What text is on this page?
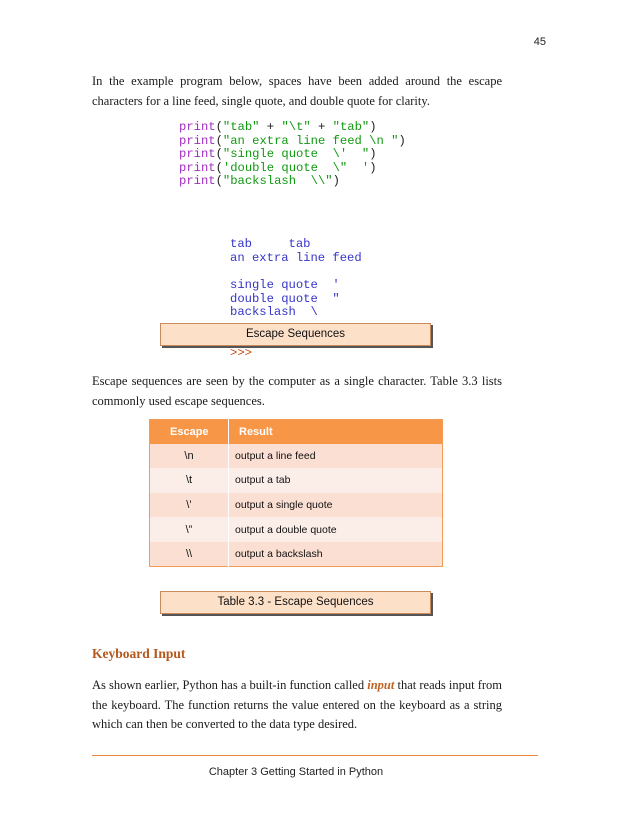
45

In the example program below, spaces have been added around the escape characters for a line feed, single quote, and double quote for clarity.

print("tab" + "\t" + "tab")
print("an extra line feed \n ")
print("single quote  \'  ")
print('double quote  \"  ')
print("backslash  \\")

tab     tab
an extra line feed
single quote  '
double quote  "
backslash  \

>>>

Escape Sequences

Escape sequences are seen by the computer as a single character. Table 3.3 lists commonly used escape sequences.

Escape	Result
\n	output a line feed
\t	output a tab
\’	output a single quote
\”	output a double quote
\\	output a backslash
Table 3.3 - Escape Sequences
Keyboard Input

As shown earlier, Python has a built-in function called input that reads input from the keyboard. The function returns the value entered on the keyboard as a string which can then be converted to the data type desired.

Chapter 3 Getting Started in Python
